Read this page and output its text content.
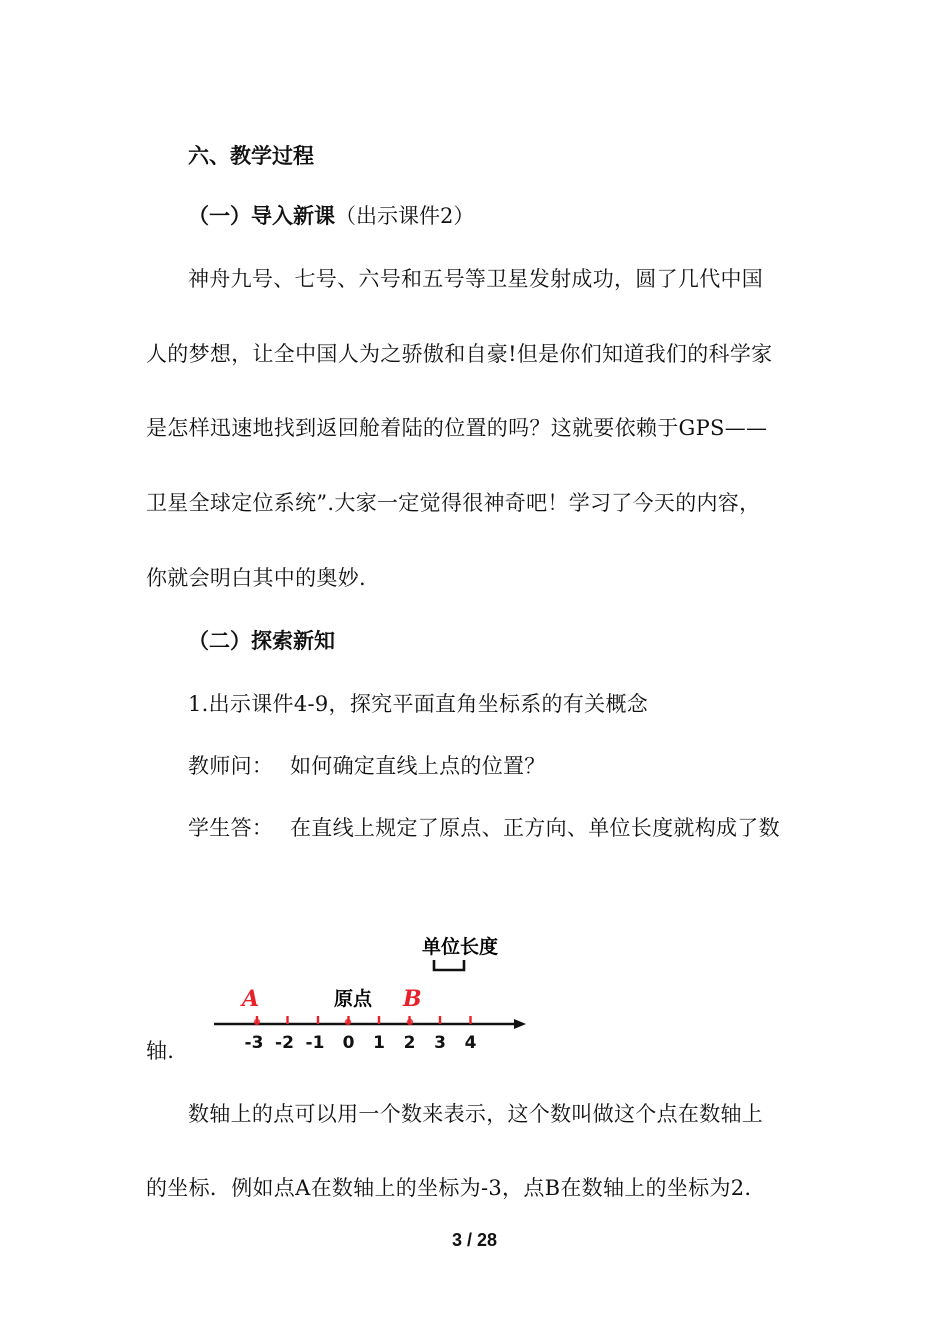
六、教学过程
（一）导入新课（出示课件2）
神舟九号、七号、六号和五号等卫星发射成功，圆了几代中国
人的梦想，让全中国人为之骄傲和自豪!但是你们知道我们的科学家
是怎样迅速地找到返回舱着陆的位置的吗？这就要依赖于GPS——
卫星全球定位系统”.大家一定觉得很神奇吧！学习了今天的内容，
你就会明白其中的奥妙.
（二）探索新知
1.出示课件4-9，探究平面直角坐标系的有关概念
教师问： 如何确定直线上点的位置？
学生答： 在直线上规定了原点、正方向、单位长度就构成了数
轴.
单位长度
原点
A	B
-3 -2 -1 0 1 2 3 4
数轴上的点可以用一个数来表示，这个数叫做这个点在数轴上
的坐标．例如点A在数轴上的坐标为-3，点B在数轴上的坐标为2.
3 / 28
